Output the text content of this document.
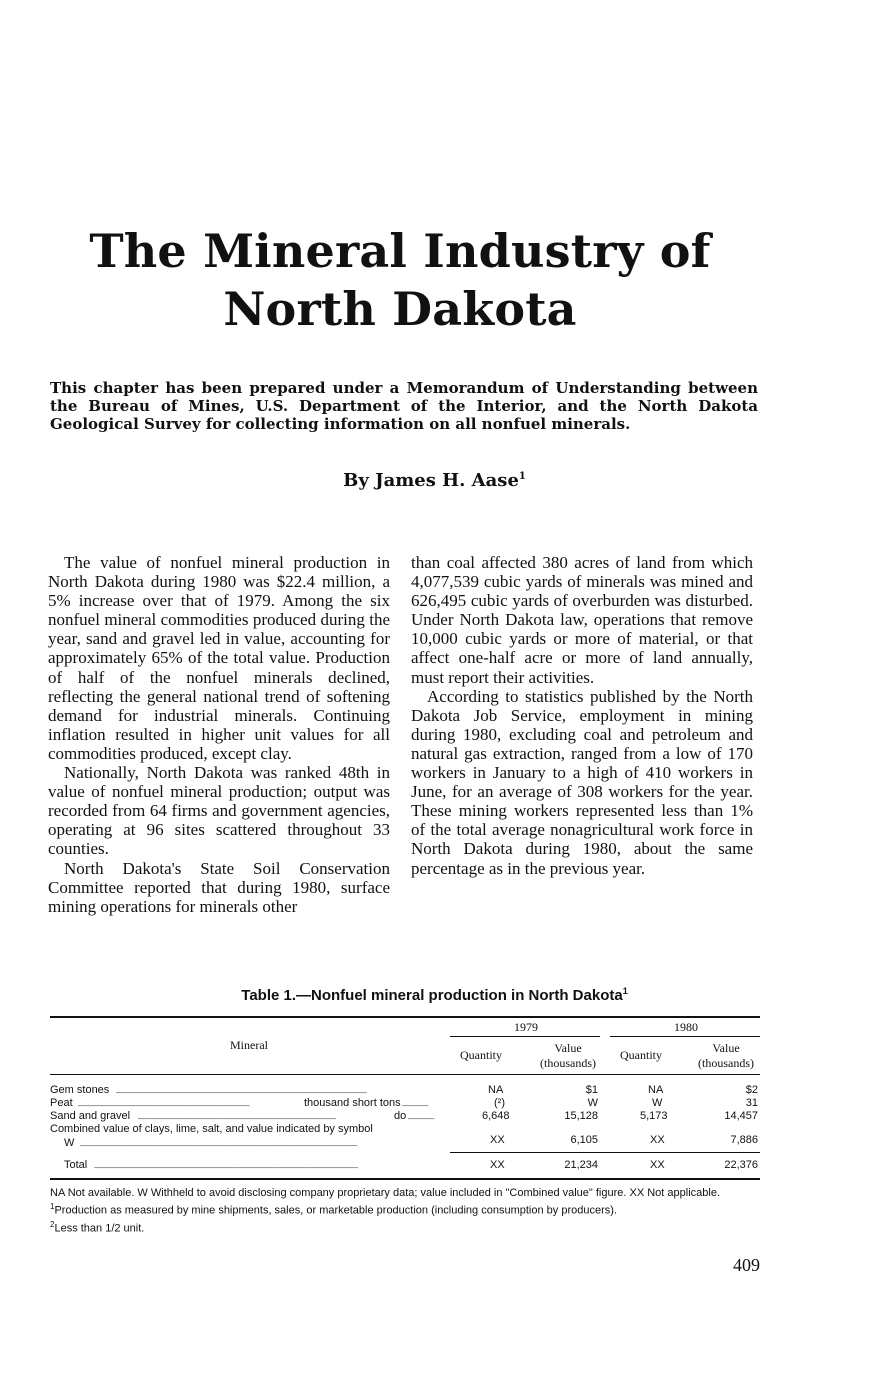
The Mineral Industry of
North Dakota
This chapter has been prepared under a Memorandum of Understanding between the Bureau of Mines, U.S. Department of the Interior, and the North Dakota Geological Survey for collecting information on all nonfuel minerals.
By James H. Aase$^1$

The value of nonfuel mineral production in North Dakota during 1980 was $22.4 million, a 5% increase over that of 1979. Among the six nonfuel mineral commodities produced during the year, sand and gravel led in value, accounting for approximately 65% of the total value. Production of half of the nonfuel minerals declined, reflecting the general national trend of softening demand for industrial minerals. Continuing inflation resulted in higher unit values for all commodities produced, except clay.

Nationally, North Dakota was ranked 48th in value of nonfuel mineral production; output was recorded from 64 firms and government agencies, operating at 96 sites scattered throughout 33 counties.

North Dakota's State Soil Conservation Committee reported that during 1980, surface mining operations for minerals other

than coal affected 380 acres of land from which 4,077,539 cubic yards of minerals was mined and 626,495 cubic yards of overburden was disturbed. Under North Dakota law, operations that remove 10,000 cubic yards or more of material, or that affect one-half acre or more of land annually, must report their activities.

According to statistics published by the North Dakota Job Service, employment in mining during 1980, excluding coal and petroleum and natural gas extraction, ranged from a low of 170 workers in January to a high of 410 workers in June, for an average of 308 workers for the year. These mining workers represented less than 1% of the total average nonagricultural work force in North Dakota during 1980, about the same percentage as in the previous year.

Table 1.—Nonfuel mineral production in North Dakota$^1$
Mineral
1979	1980
Quantity	Value
(thousands)
Quantity	Value
(thousands)
Gem stones ______________________________________	NA	$1	NA	$2
Peat __________________________	thousand short tons ____	(²)	W	W	31
Sand and gravel ______________________________	do ____	6,648	15,128	5,173	14,457
Combined value of clays, lime, salt, and value indicated by symbol
W __________________________________________	XX	6,105	XX	7,886
Total ________________________________________	XX	21,234	XX	22,376

NA Not available. W Withheld to avoid disclosing company proprietary data; value included in "Combined value" figure. XX Not applicable.

$^1$Production as measured by mine shipments, sales, or marketable production (including consumption by producers).

$^2$Less than 1/2 unit.

409
